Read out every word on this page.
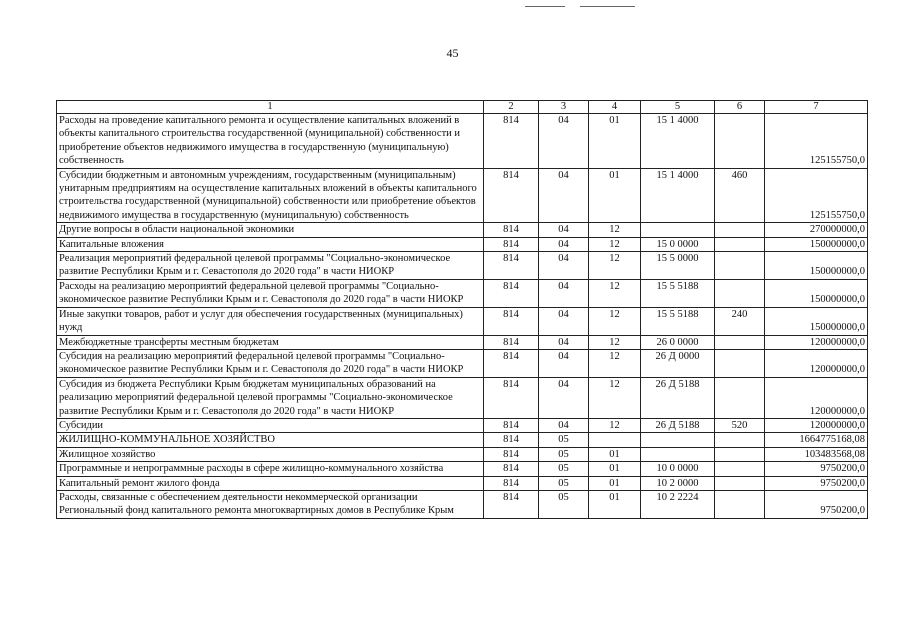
45
1	2	3	4	5	6	7
Расходы на проведение капитального ремонта и осуществление капитальных вложений в объекты капитального строительства государственной (муниципальной) собственности и приобретение объектов недвижимого имущества в государственную (муниципальную) собственность	814	04	01	15 1 4000		125155750,0

Субсидии бюджетным и автономным учреждениям, государственным (муниципальным) унитарным предприятиям на осуществление капитальных вложений в объекты капитального строительства государственной (муниципальной) собственности или приобретение объектов недвижимого имущества в государственную (муниципальную) собственность	814	04	01	15 1 4000	460	125155750,0

Другие вопросы в области национальной экономики	814	04	12			270000000,0

Капитальные вложения	814	04	12	15 0 0000		150000000,0

Реализация мероприятий федеральной целевой программы "Социально-экономическое развитие Республики Крым и г. Севастополя до 2020 года" в части НИОКР	814	04	12	15 5 0000		150000000,0

Расходы на реализацию мероприятий федеральной целевой программы "Социально-экономическое развитие Республики Крым и г. Севастополя до 2020 года" в части НИОКР	814	04	12	15 5 5188		150000000,0

Иные закупки товаров, работ и услуг для обеспечения государственных (муниципальных) нужд	814	04	12	15 5 5188	240	150000000,0

Межбюджетные трансферты местным бюджетам	814	04	12	26 0 0000		120000000,0

Субсидия на реализацию мероприятий федеральной целевой программы "Социально-экономическое развитие Республики Крым и г. Севастополя до 2020 года" в части НИОКР	814	04	12	26 Д 0000		120000000,0

Субсидия из бюджета Республики Крым бюджетам муниципальных образований на реализацию мероприятий федеральной целевой программы "Социально-экономическое развитие Республики Крым и г. Севастополя до 2020 года" в части НИОКР	814	04	12	26 Д 5188		120000000,0

Субсидии	814	04	12	26 Д 5188	520	120000000,0

ЖИЛИЩНО-КОММУНАЛЬНОЕ ХОЗЯЙСТВО	814	05				1664775168,08

Жилищное хозяйство	814	05	01			103483568,08

Программные и непрограммные расходы в сфере жилищно-коммунального хозяйства	814	05	01	10 0 0000		9750200,0

Капитальный ремонт жилого фонда	814	05	01	10 2 0000		9750200,0

Расходы, связанные с обеспечением деятельности некоммерческой организации Региональный фонд капитального ремонта многоквартирных домов в Республике Крым	814	05	01	10 2 2224		9750200,0
